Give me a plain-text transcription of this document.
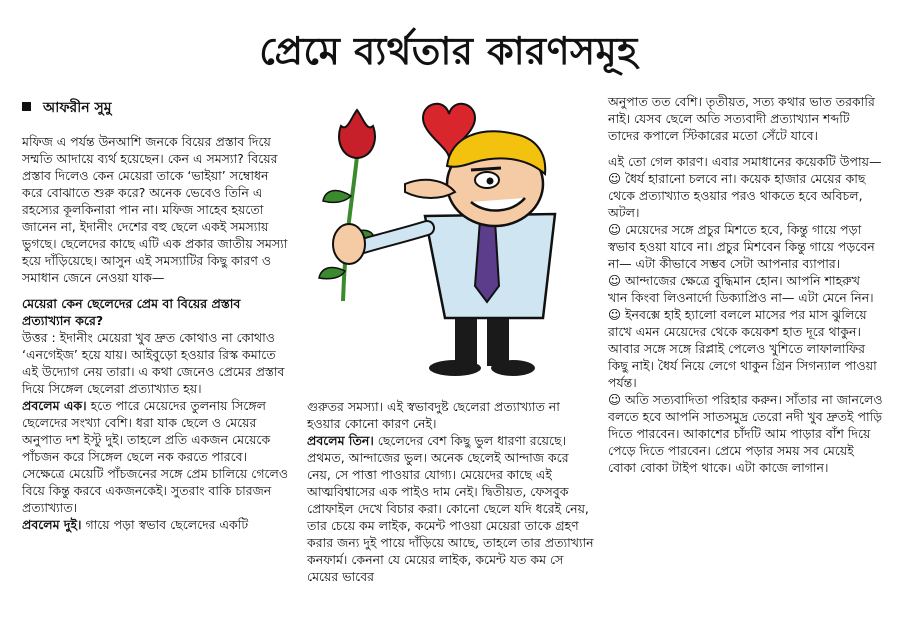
প্রেমে ব্যর্থতার কারণসমূহ
আফরীন সুমু

মফিজ এ পর্যন্ত উনআশি জনকে বিয়ের প্রস্তাব দিয়ে সম্মতি আদায়ে ব্যর্থ হয়েছেন। কেন এ সমস্যা? বিয়ের প্রস্তাব দিলেও কেন মেয়েরা তাকে ‘ভাইয়া’ সম্বোধন করে বোঝাতে শুরু করে? অনেক ভেবেও তিনি এ রহস্যের কূলকিনারা পান না। মফিজ সাহেব হয়তো জানেন না, ইদানীং দেশের বহু ছেলে একই সমস্যায় ভুগছে। ছেলেদের কাছে এটি এক প্রকার জাতীয় সমস্যা হয়ে দাঁড়িয়েছে। আসুন এই সমস্যাটির কিছু কারণ ও সমাধান জেনে নেওয়া যাক—

মেয়েরা কেন ছেলেদের প্রেম বা বিয়ের প্রস্তাব প্রত্যাখ্যান করে?

উত্তর : ইদানীং মেয়েরা খুব দ্রুত কোথাও না কোথাও ‘এনগেইজ’ হয়ে যায়। আইবুড়ো হওয়ার রিস্ক কমাতে এই উদ্যোগ নেয় তারা। এ কথা জেনেও প্রেমের প্রস্তাব দিয়ে সিঙ্গেল ছেলেরা প্রত্যাখ্যাত হয়।

প্রবলেম এক। হতে পারে মেয়েদের তুলনায় সিঙ্গেল ছেলেদের সংখ্যা বেশি। ধরা যাক ছেলে ও মেয়ের অনুপাত দশ ইস্টু দুই। তাহলে প্রতি একজন মেয়েকে পাঁচজন করে সিঙ্গেল ছেলে নক করতে পারবে। সেক্ষেত্রে মেয়েটি পাঁচজনের সঙ্গে প্রেম চালিয়ে গেলেও বিয়ে কিন্তু করবে একজনকেই। সুতরাং বাকি চারজন প্রত্যাখ্যাত।

প্রবলেম দুই। গায়ে পড়া স্বভাব ছেলেদের একটি

গুরুতর সমস্যা। এই স্বভাবদুষ্ট ছেলেরা প্রত্যাখ্যাত না হওয়ার কোনো কারণ নেই।

প্রবলেম তিন। ছেলেদের বেশ কিছু ভুল ধারণা রয়েছে। প্রথমত, আন্দাজের ভুল। অনেক ছেলেই আন্দাজ করে নেয়, সে পাত্তা পাওয়ার যোগ্য। মেয়েদের কাছে এই আত্মবিশ্বাসের এক পাইও দাম নেই। দ্বিতীয়ত, ফেসবুক প্রোফাইল দেখে বিচার করা। কোনো ছেলে যদি ধরেই নেয়, তার চেয়ে কম লাইক, কমেন্ট পাওয়া মেয়েরা তাকে গ্রহণ করার জন্য দুই পায়ে দাঁড়িয়ে আছে, তাহলে তার প্রত্যাখ্যান কনফার্ম। কেননা যে মেয়ের লাইক, কমেন্ট যত কম সে মেয়ের ভাবের

অনুপাত তত বেশি। তৃতীয়ত, সত্য কথার ভাত তরকারি নাই। যেসব ছেলে অতি সত্যবাদী প্রত্যাখ্যান শব্দটি তাদের কপালে স্টিকারের মতো সেঁটে যাবে।

এই তো গেল কারণ। এবার সমাধানের কয়েকটি উপায়—

☺ ধৈর্য হারানো চলবে না। কয়েক হাজার মেয়ের কাছ থেকে প্রত্যাখ্যাত হওয়ার পরও থাকতে হবে অবিচল, অটল।

☺ মেয়েদের সঙ্গে প্রচুর মিশতে হবে, কিন্তু গায়ে পড়া স্বভাব হওয়া যাবে না। প্রচুর মিশবেন কিন্তু গায়ে পড়বেন না— এটা কীভাবে সম্ভব সেটা আপনার ব্যাপার।

☺ আন্দাজের ক্ষেত্রে বুদ্ধিমান হোন। আপনি শাহরুখ খান কিংবা লিওনার্দো ডিক্যাপ্রিও না— এটা মেনে নিন।

☺ ইনবক্সে হাই হ্যালো বললে মাসের পর মাস ঝুলিয়ে রাখে এমন মেয়েদের থেকে কয়েকশ হাত দূরে থাকুন। আবার সঙ্গে সঙ্গে রিপ্লাই পেলেও খুশিতে লাফালাফির কিছু নাই। ধৈর্য নিয়ে লেগে থাকুন গ্রিন সিগন্যাল পাওয়া পর্যন্ত।

☺ অতি সত্যবাদিতা পরিহার করুন। সাঁতার না জানলেও বলতে হবে আপনি সাতসমুদ্র তেরো নদী খুব দ্রুতই পাড়ি দিতে পারবেন। আকাশের চাঁদটি আম পাড়ার বাঁশ দিয়ে পেড়ে দিতে পারবেন। প্রেমে পড়ার সময় সব মেয়েই বোকা বোকা টাইপ থাকে। এটা কাজে লাগান।
